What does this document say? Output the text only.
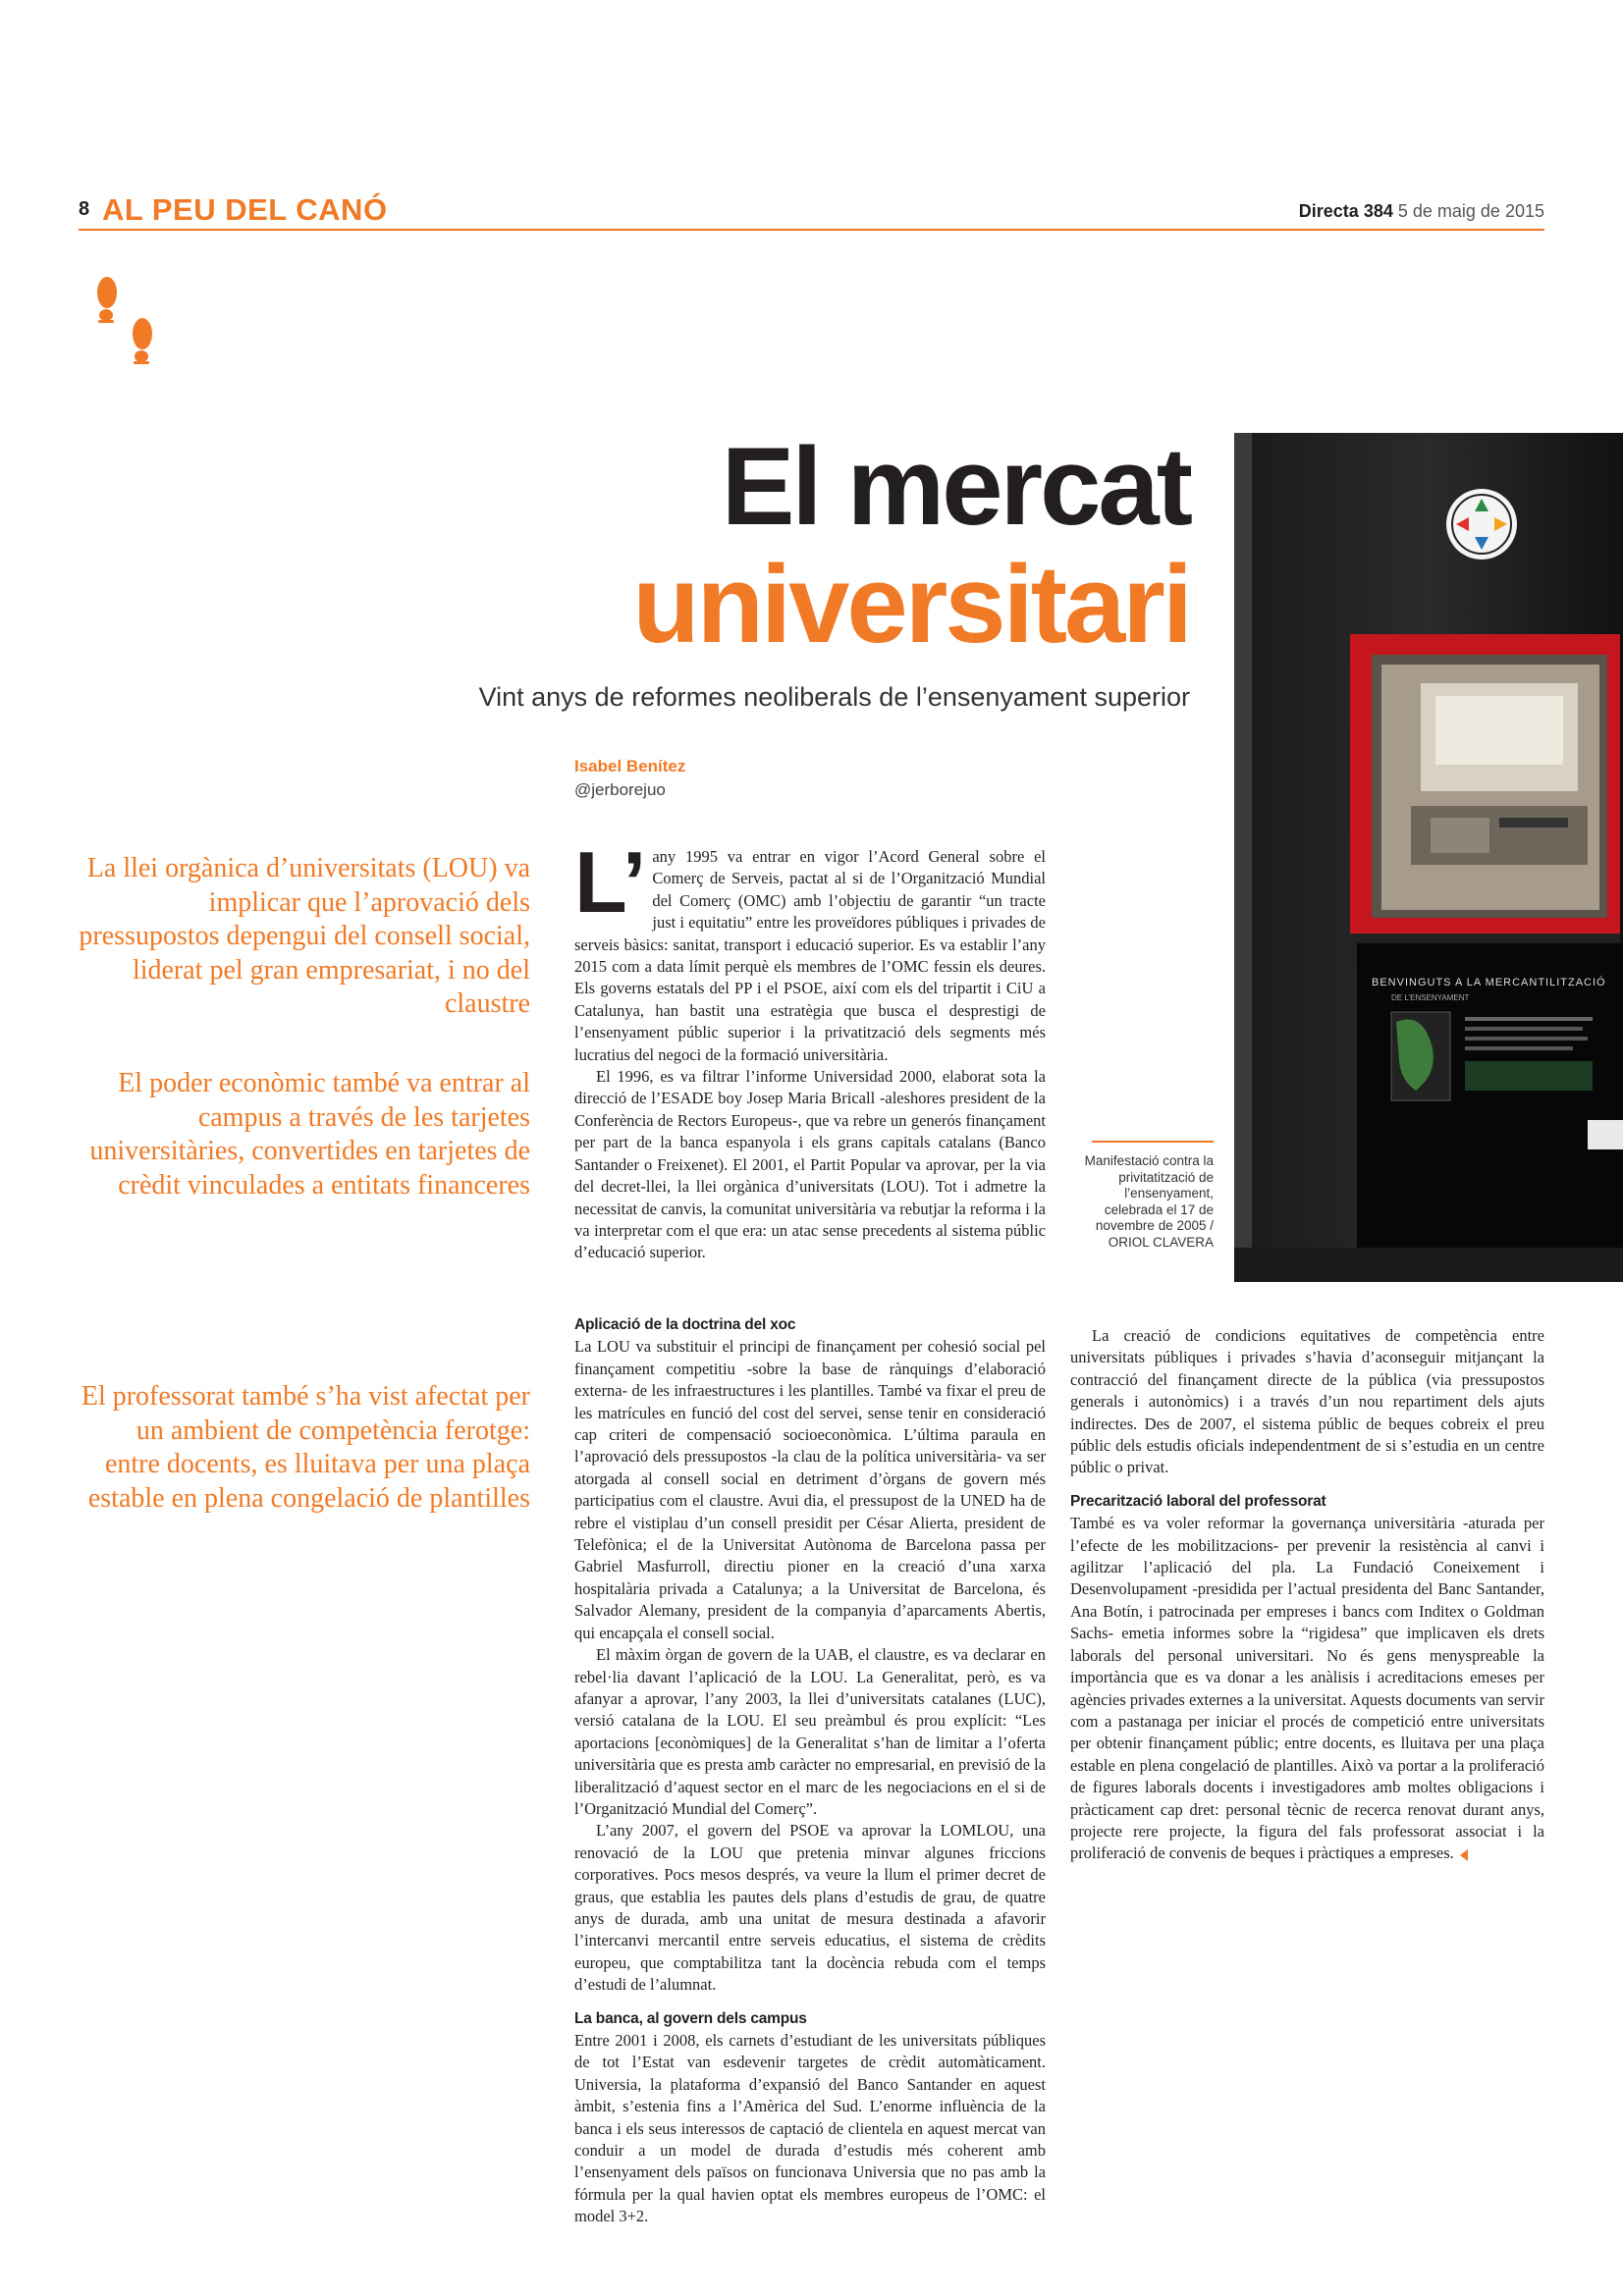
8 AL PEU DEL CANÓ	Directa 384 5 de maig de 2015
El mercat
universitari
Vint anys de reformes neoliberals de l’ensenyament superior
BENVINGUTS A LA MERCANTILITZACIÓ
DE L’ENSENYAMENT
Manifestació contra la privitatització de l’ensenyament, celebrada el 17 de novembre de 2005 / ORIOL CLAVERA
Isabel Benítez
@jerborejuo
La llei orgànica d’universitats (LOU) va implicar que l’aprovació dels pressupostos depengui del consell social, liderat pel gran empresariat, i no del claustre
El poder econòmic també va entrar al campus a través de les tarjetes universitàries, convertides en tarjetes de crèdit vinculades a entitats financeres
El professorat també s’ha vist afectat per un ambient de competència ferotge: entre docents, es lluitava per una plaça estable en plena congelació de plantilles

L’ any 1995 va entrar en vigor l’Acord General sobre el Comerç de Serveis, pactat al si de l’Organització Mundial del Comerç (OMC) amb l’objectiu de garantir “un tracte just i equitatiu” entre les proveïdores públiques i privades de serveis bàsics: sanitat, transport i educació superior. Es va establir l’any 2015 com a data límit perquè els membres de l’OMC fessin els deures. Els governs estatals del PP i el PSOE, així com els del tripartit i CiU a Catalunya, han bastit una estratègia que busca el desprestigi de l’ensenyament públic superior i la privatització dels segments més lucratius del negoci de la formació universitària.

El 1996, es va filtrar l’informe Universidad 2000, elaborat sota la direcció de l’ESADE boy Josep Maria Bricall -aleshores president de la Conferència de Rectors Europeus-, que va rebre un generós finançament per part de la banca espanyola i els grans capitals catalans (Banco Santander o Freixenet). El 2001, el Partit Popular va aprovar, per la via del decret-llei, la llei orgànica d’universitats (LOU). Tot i admetre la necessitat de canvis, la comunitat universitària va rebutjar la reforma i la va interpretar com el que era: un atac sense precedents al sistema públic d’educació superior.

Aplicació de la doctrina del xoc

La LOU va substituir el principi de finançament per cohesió social pel finançament competitiu -sobre la base de rànquings d’elaboració externa- de les infraestructures i les plantilles. També va fixar el preu de les matrícules en funció del cost del servei, sense tenir en consideració cap criteri de compensació socioeconòmica. L’última paraula en l’aprovació dels pressupostos -la clau de la política universitària- va ser atorgada al consell social en detriment d’òrgans de govern més participatius com el claustre. Avui dia, el pressupost de la UNED ha de rebre el vistiplau d’un consell presidit per César Alierta, president de Telefònica; el de la Universitat Autònoma de Barcelona passa per Gabriel Masfurroll, directiu pioner en la creació d’una xarxa hospitalària privada a Catalunya; a la Universitat de Barcelona, és Salvador Alemany, president de la companyia d’aparcaments Abertis, qui encapçala el consell social.

El màxim òrgan de govern de la UAB, el claustre, es va declarar en rebel·lia davant l’aplicació de la LOU. La Generalitat, però, es va afanyar a aprovar, l’any 2003, la llei d’universitats catalanes (LUC), versió catalana de la LOU. El seu preàmbul és prou explícit: “Les aportacions [econòmiques] de la Generalitat s’han de limitar a l’oferta universitària que es presta amb caràcter no empresarial, en previsió de la liberalització d’aquest sector en el marc de les negociacions en el si de l’Organització Mundial del Comerç”.

L’any 2007, el govern del PSOE va aprovar la LOMLOU, una renovació de la LOU que pretenia minvar algunes friccions corporatives. Pocs mesos després, va veure la llum el primer decret de graus, que establia les pautes dels plans d’estudis de grau, de quatre anys de durada, amb una unitat de mesura destinada a afavorir l’intercanvi mercantil entre serveis educatius, el sistema de crèdits europeu, que comptabilitza tant la docència rebuda com el temps d’estudi de l’alumnat.

La banca, al govern dels campus

Entre 2001 i 2008, els carnets d’estudiant de les universitats públiques de tot l’Estat van esdevenir targetes de crèdit automàticament. Universia, la plataforma d’expansió del Banco Santander en aquest àmbit, s’estenia fins a l’Amèrica del Sud. L’enorme influència de la banca i els seus interessos de captació de clientela en aquest mercat van conduir a un model de durada d’estudis més coherent amb l’ensenyament dels països on funcionava Universia que no pas amb la fórmula per la qual havien optat els membres europeus de l’OMC: el model 3+2.

La creació de condicions equitatives de competència entre universitats públiques i privades s’havia d’aconseguir mitjançant la contracció del finançament directe de la pública (via pressupostos generals i autonòmics) i a través d’un nou repartiment dels ajuts indirectes. Des de 2007, el sistema públic de beques cobreix el preu públic dels estudis oficials independentment de si s’estudia en un centre públic o privat.

Precarització laboral del professorat

També es va voler reformar la governança universitària -aturada per l’efecte de les mobilitzacions- per prevenir la resistència al canvi i agilitzar l’aplicació del pla. La Fundació Coneixement i Desenvolupament -presidida per l’actual presidenta del Banc Santander, Ana Botín, i patrocinada per empreses i bancs com Inditex o Goldman Sachs- emetia informes sobre la “rigidesa” que implicaven els drets laborals del personal universitari. No és gens menyspreable la importància que es va donar a les anàlisis i acreditacions emeses per agències privades externes a la universitat. Aquests documents van servir com a pastanaga per iniciar el procés de competició entre universitats per obtenir finançament públic; entre docents, es lluitava per una plaça estable en plena congelació de plantilles. Això va portar a la proliferació de figures laborals docents i investigadores amb moltes obligacions i pràcticament cap dret: personal tècnic de recerca renovat durant anys, projecte rere projecte, la figura del fals professorat associat i la proliferació de convenis de beques i pràctiques a empreses.
